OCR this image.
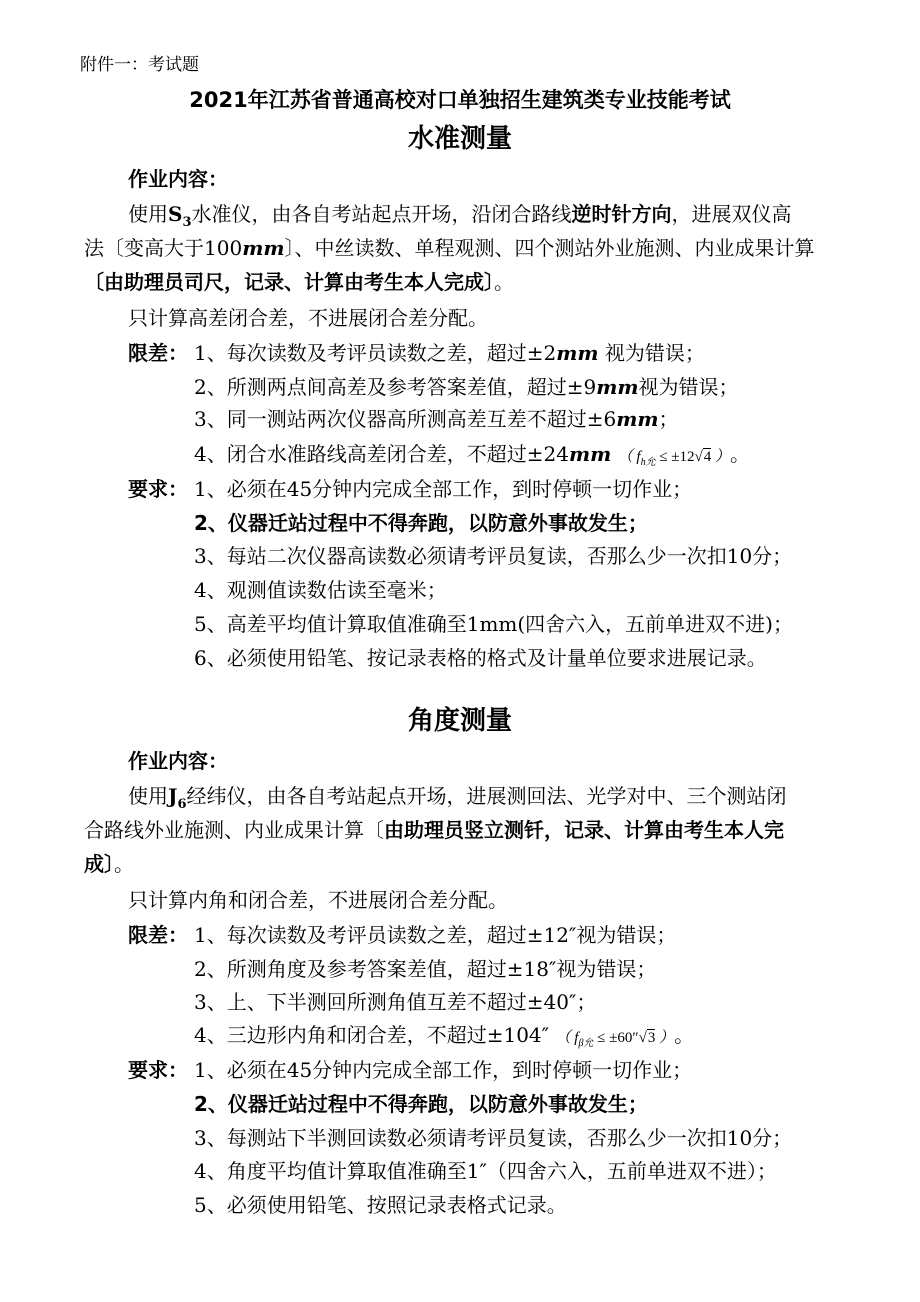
附件一：考试题
2021年江苏省普通高校对口单独招生建筑类专业技能考试
水准测量
作业内容：
使用$S_3$水准仪，由各自考站起点开场，沿闭合路线逆时针方向，进展双仪高
法〔变高大于100mm〕、中丝读数、单程观测、四个测站外业施测、内业成果计算
〔由助理员司尺，记录、计算由考生本人完成〕。
只计算高差闭合差，不进展闭合差分配。
限差： 1、每次读数及考评员读数之差，超过±2mm 视为错误；
2、所测两点间高差及参考答案差值，超过±9mm视为错误；
3、同一测站两次仪器高所测高差互差不超过±6mm；
4、闭合水准路线高差闭合差，不超过±24mm （ $f_{h允} \le \pm 12√4$ ）。
要求： 1、必须在45分钟内完成全部工作，到时停顿一切作业；
2、仪器迁站过程中不得奔跑，以防意外事故发生；
3、每站二次仪器高读数必须请考评员复读，否那么少一次扣10分；
4、观测值读数估读至毫米；
5、高差平均值计算取值准确至1mm(四舍六入，五前单进双不进)；
6、必须使用铅笔、按记录表格的格式及计量单位要求进展记录。
角度测量
作业内容：
使用$J_6$经纬仪，由各自考站起点开场，进展测回法、光学对中、三个测站闭
合路线外业施测、内业成果计算〔由助理员竖立测钎，记录、计算由考生本人完
成〕。
只计算内角和闭合差，不进展闭合差分配。
限差： 1、每次读数及考评员读数之差，超过±12″视为错误；
2、所测角度及参考答案差值，超过±18″视为错误；
3、上、下半测回所测角值互差不超过±40″；
4、三边形内角和闭合差，不超过±104″ （ $f_{\beta 允} \le \pm 60''√3$ ）。
要求： 1、必须在45分钟内完成全部工作，到时停顿一切作业；
2、仪器迁站过程中不得奔跑，以防意外事故发生；
3、每测站下半测回读数必须请考评员复读，否那么少一次扣10分；
4、角度平均值计算取值准确至1″（四舍六入，五前单进双不进）；
5、必须使用铅笔、按照记录表格式记录。
